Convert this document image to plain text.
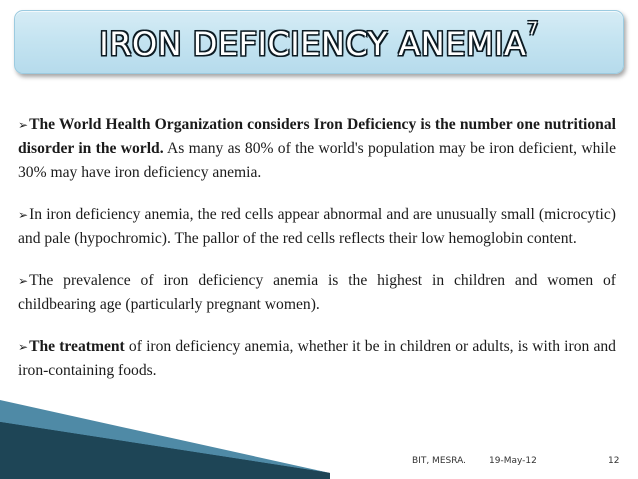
IRON DEFICIENCY ANEMIA$^7$

➢The World Health Organization considers Iron Deficiency is the number one nutritional disorder in the world. As many as 80% of the world's population may be iron deficient, while 30% may have iron deficiency anemia.

➢In iron deficiency anemia, the red cells appear abnormal and are unusually small (microcytic) and pale (hypochromic). The pallor of the red cells reflects their low hemoglobin content.

➢The prevalence of iron deficiency anemia is the highest in children and women of childbearing age (particularly pregnant women).

➢The treatment of iron deficiency anemia, whether it be in children or adults, is with iron and iron-containing foods.

BIT, MESRA.	19-May-12	12
